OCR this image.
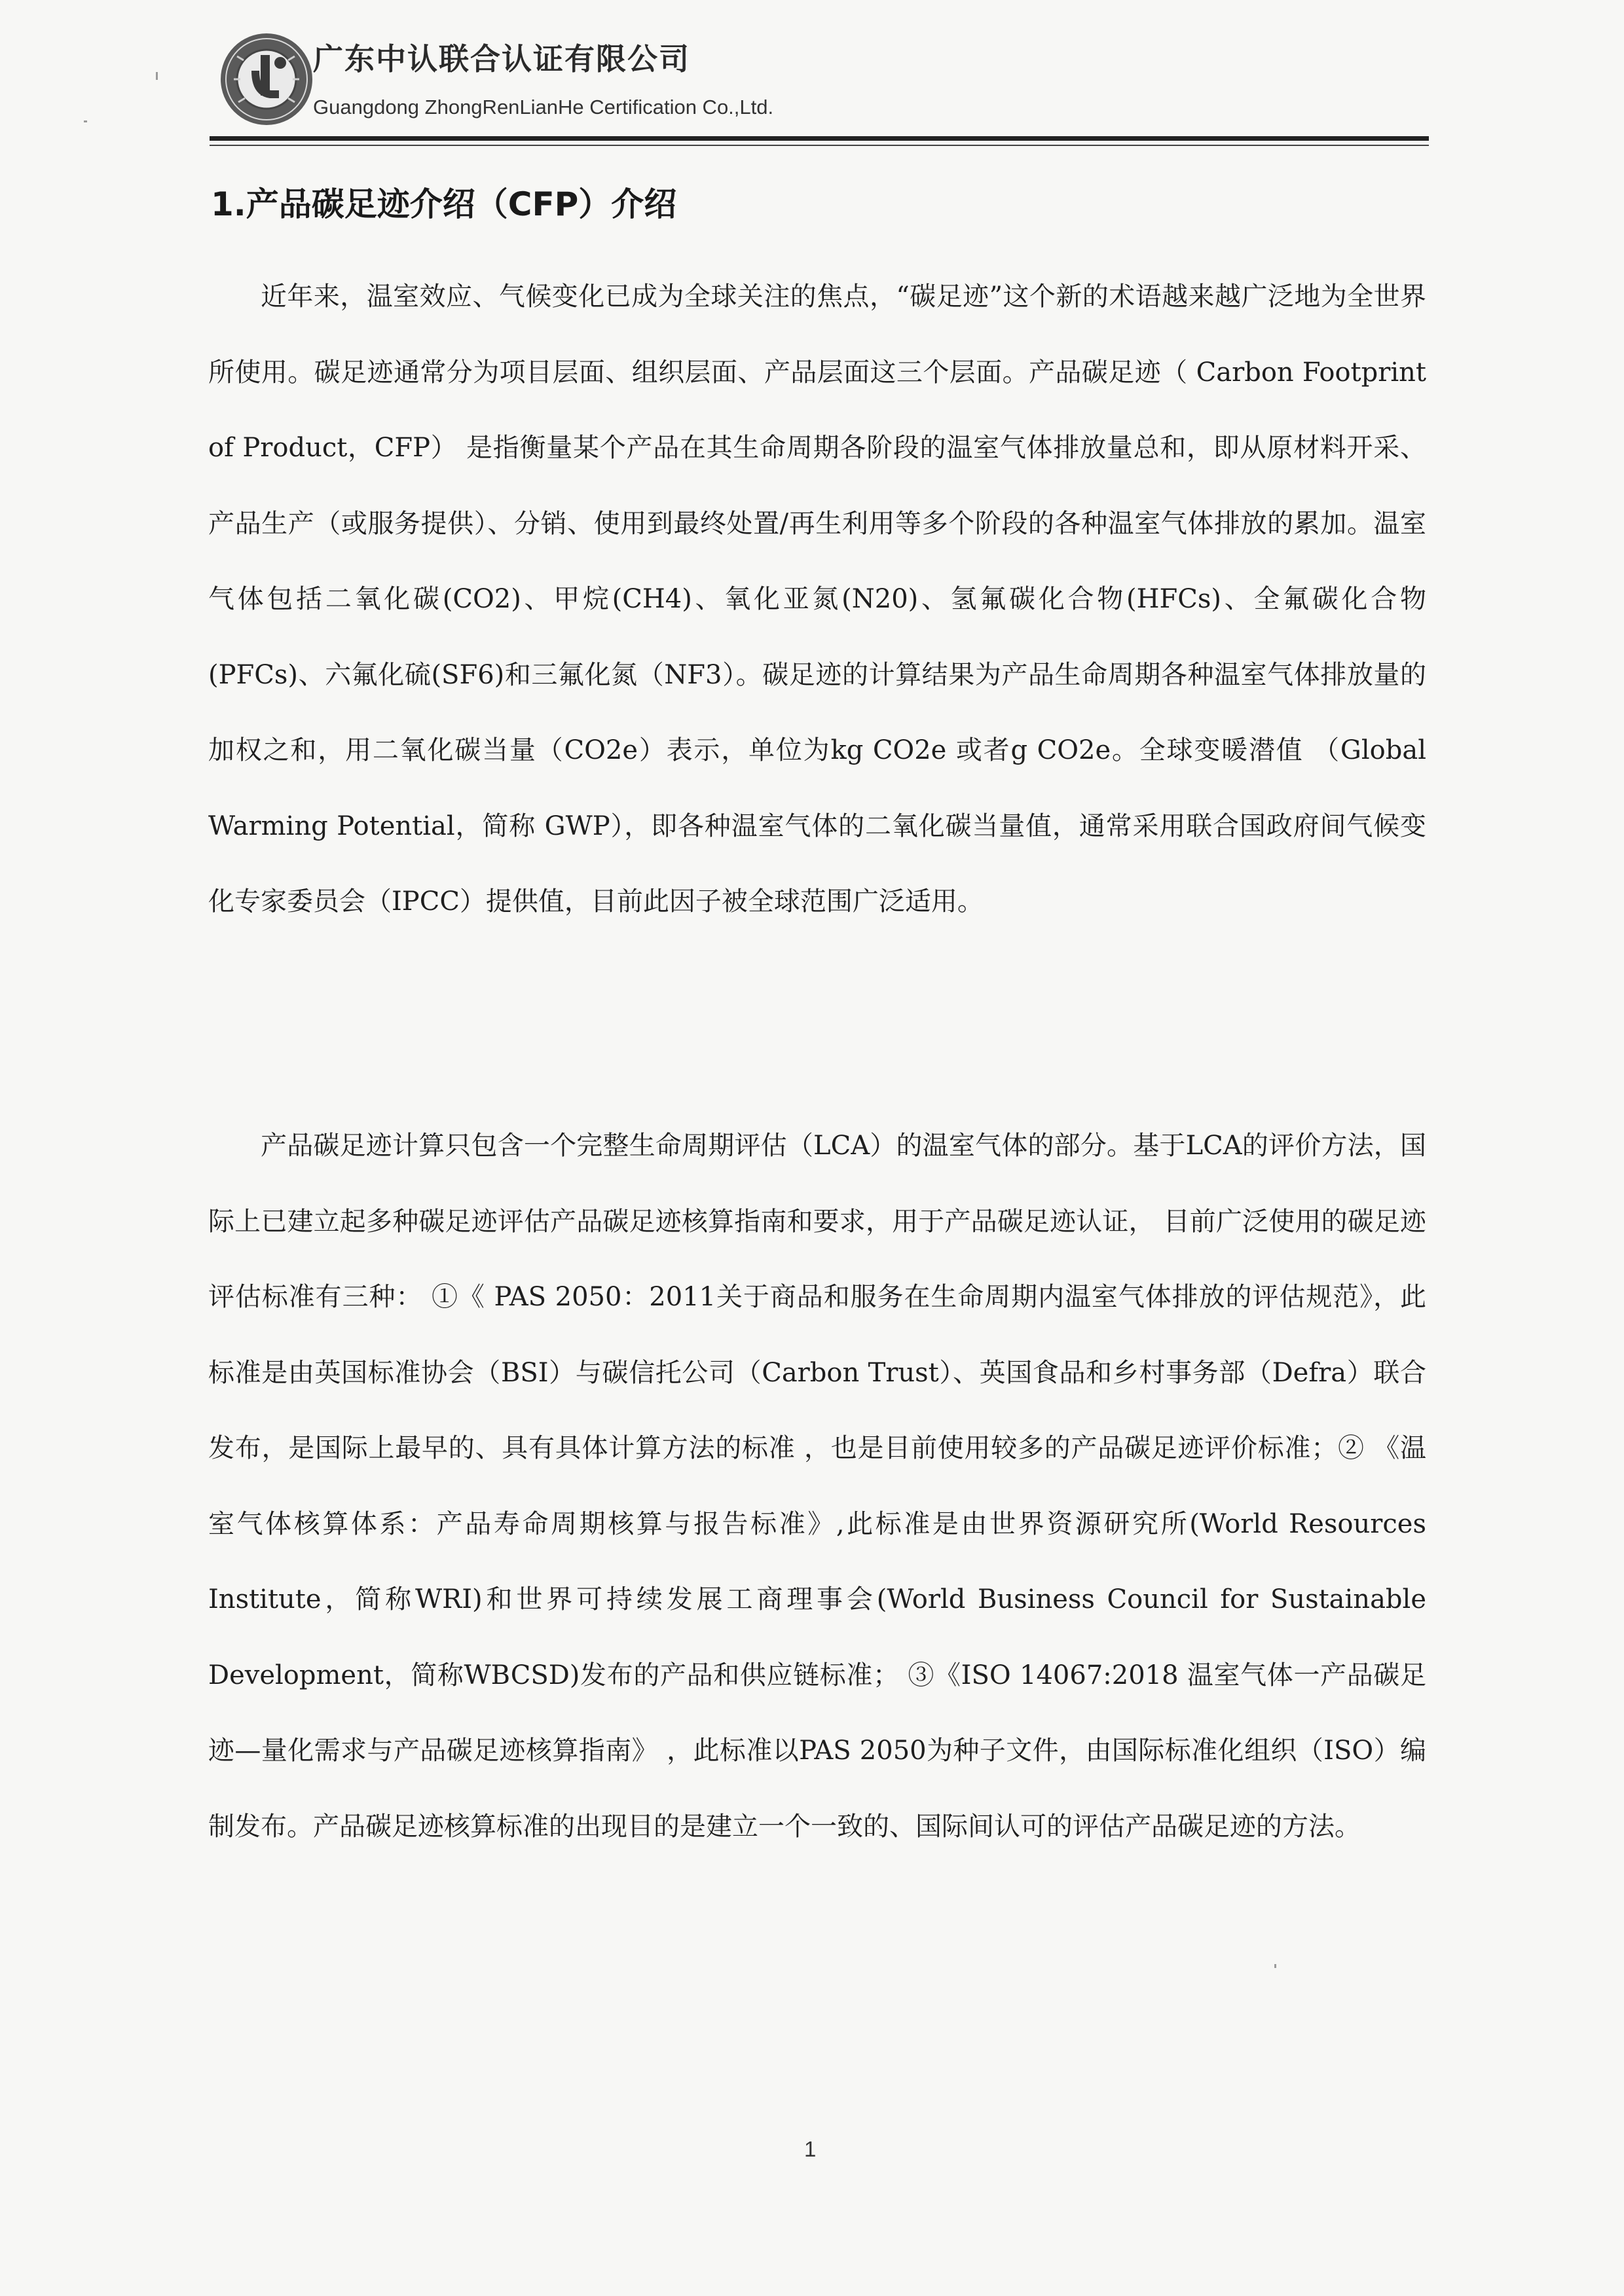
广东中认联合认证有限公司
Guangdong ZhongRenLianHe Certification Co.,Ltd.
1.产品碳足迹介绍（CFP）介绍

近年来，温室效应、气候变化已成为全球关注的焦点，“碳足迹”这个新的术语越来越广泛地为全世界所使用。碳足迹通常分为项目层面、组织层面、产品层面这三个层面。产品碳足迹（ Carbon Footprint of Product，CFP） 是指衡量某个产品在其生命周期各阶段的温室气体排放量总和，即从原材料开采、产品生产（或服务提供）、分销、使用到最终处置/再生利用等多个阶段的各种温室气体排放的累加。温室气体包括二氧化碳(CO2)、甲烷(CH4)、氧化亚氮(N20)、氢氟碳化合物(HFCs)、全氟碳化合物(PFCs)、六氟化硫(SF6)和三氟化氮（NF3）。碳足迹的计算结果为产品生命周期各种温室气体排放量的加权之和，用二氧化碳当量（CO2e）表示，单位为kg CO2e 或者g CO2e。全球变暖潜值 （Global Warming Potential，简称 GWP），即各种温室气体的二氧化碳当量值，通常采用联合国政府间气候变化专家委员会（IPCC）提供值，目前此因子被全球范围广泛适用。

产品碳足迹计算只包含一个完整生命周期评估（LCA）的温室气体的部分。基于LCA的评价方法，国际上已建立起多种碳足迹评估产品碳足迹核算指南和要求，用于产品碳足迹认证， 目前广泛使用的碳足迹评估标准有三种： ①《 PAS 2050：2011关于商品和服务在生命周期内温室气体排放的评估规范》，此标准是由英国标准协会（BSI）与碳信托公司（Carbon Trust）、英国食品和乡村事务部（Defra）联合发布，是国际上最早的、具有具体计算方法的标准 ，也是目前使用较多的产品碳足迹评价标准；② 《温室气体核算体系：产品寿命周期核算与报告标准》,此标准是由世界资源研究所(World Resources Institute，简称WRI)和世界可持续发展工商理事会(World Business Council for Sustainable Development，简称WBCSD)发布的产品和供应链标准； ③《ISO 14067:2018 温室气体一产品碳足迹—量化需求与产品碳足迹核算指南》 ，此标准以PAS 2050为种子文件，由国际标准化组织（ISO）编制发布。产品碳足迹核算标准的出现目的是建立一个一致的、国际间认可的评估产品碳足迹的方法。

1
